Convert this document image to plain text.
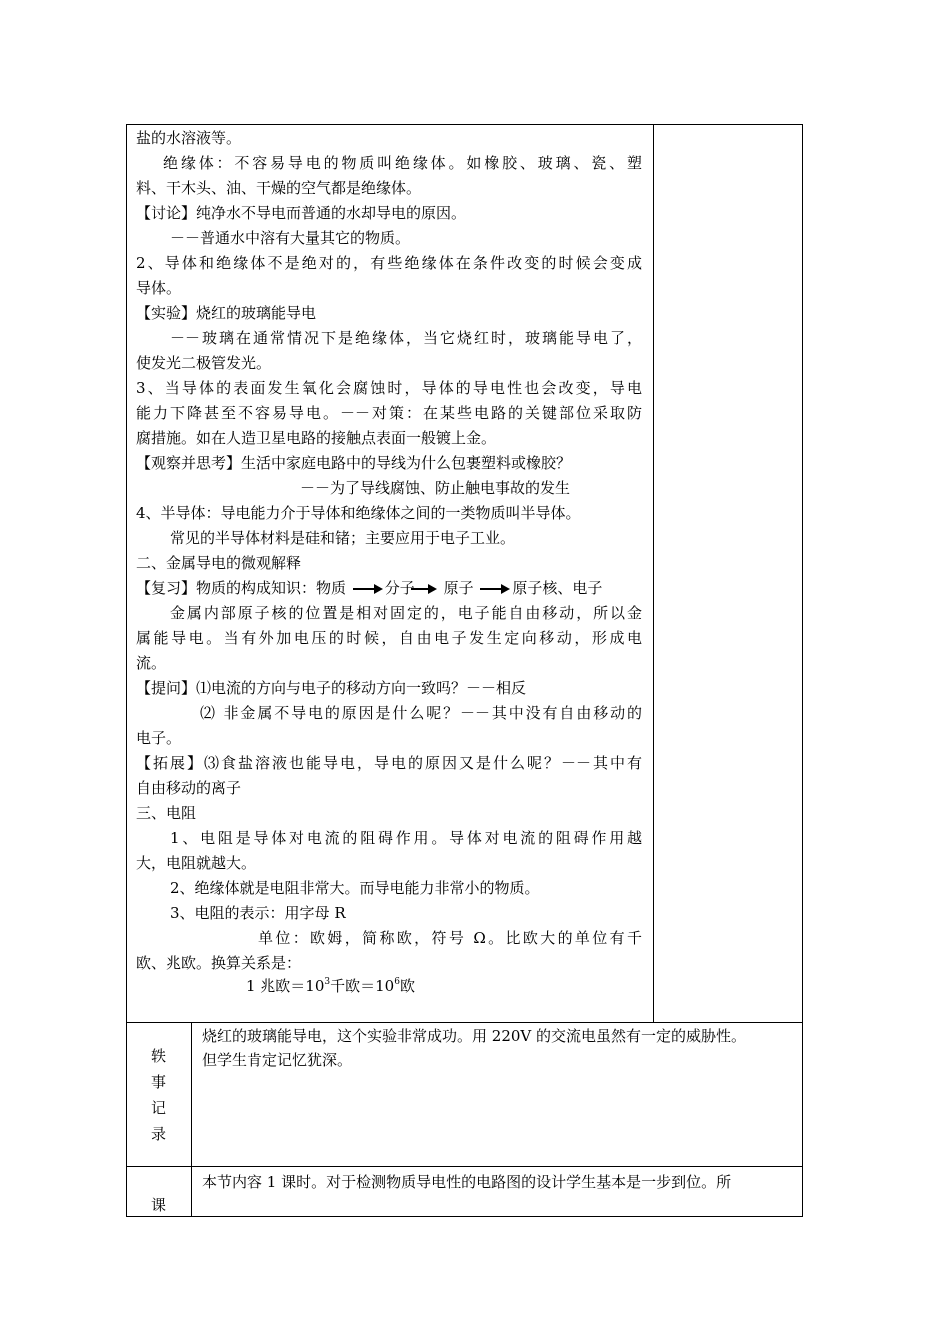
盐的水溶液等。
绝缘体：不容易导电的物质叫绝缘体。如橡胶、玻璃、瓷、塑
料、干木头、油、干燥的空气都是绝缘体。
【讨论】纯净水不导电而普通的水却导电的原因。
－－普通水中溶有大量其它的物质。
2、导体和绝缘体不是绝对的，有些绝缘体在条件改变的时候会变成
导体。
【实验】烧红的玻璃能导电
－－玻璃在通常情况下是绝缘体，当它烧红时，玻璃能导电了，
使发光二极管发光。
3、当导体的表面发生氧化会腐蚀时，导体的导电性也会改变，导电
能力下降甚至不容易导电。－－对策：在某些电路的关键部位采取防
腐措施。如在人造卫星电路的接触点表面一般镀上金。
【观察并思考】生活中家庭电路中的导线为什么包裹塑料或橡胶？
－－为了导线腐蚀、防止触电事故的发生
4、半导体：导电能力介于导体和绝缘体之间的一类物质叫半导体。
常见的半导体材料是硅和锗；主要应用于电子工业。
二、金属导电的微观解释
【复习】物质的构成知识：物质	分子 原子	原子核、电子
金属内部原子核的位置是相对固定的，电子能自由移动，所以金
属能导电。当有外加电压的时候，自由电子发生定向移动，形成电
流。
【提问】⑴电流的方向与电子的移动方向一致吗？－－相反
⑵ 非金属不导电的原因是什么呢？－－其中没有自由移动的
电子。
【拓展】⑶食盐溶液也能导电，导电的原因又是什么呢？－－其中有
自由移动的离子
三、电阻
1、电阻是导体对电流的阻碍作用。导体对电流的阻碍作用越
大，电阻就越大。
2、绝缘体就是电阻非常大。而导电能力非常小的物质。
3、电阻的表示：用字母 R
单位：欧姆，简称欧，符号 Ω。比欧大的单位有千
欧、兆欧。换算关系是：
1 兆欧$=10^3$千欧$=10^6$欧
轶
事
记
录
烧红的玻璃能导电，这个实验非常成功。用 220V 的交流电虽然有一定的威胁性。
但学生肯定记忆犹深。
课
本节内容 1 课时。对于检测物质导电性的电路图的设计学生基本是一步到位。所
